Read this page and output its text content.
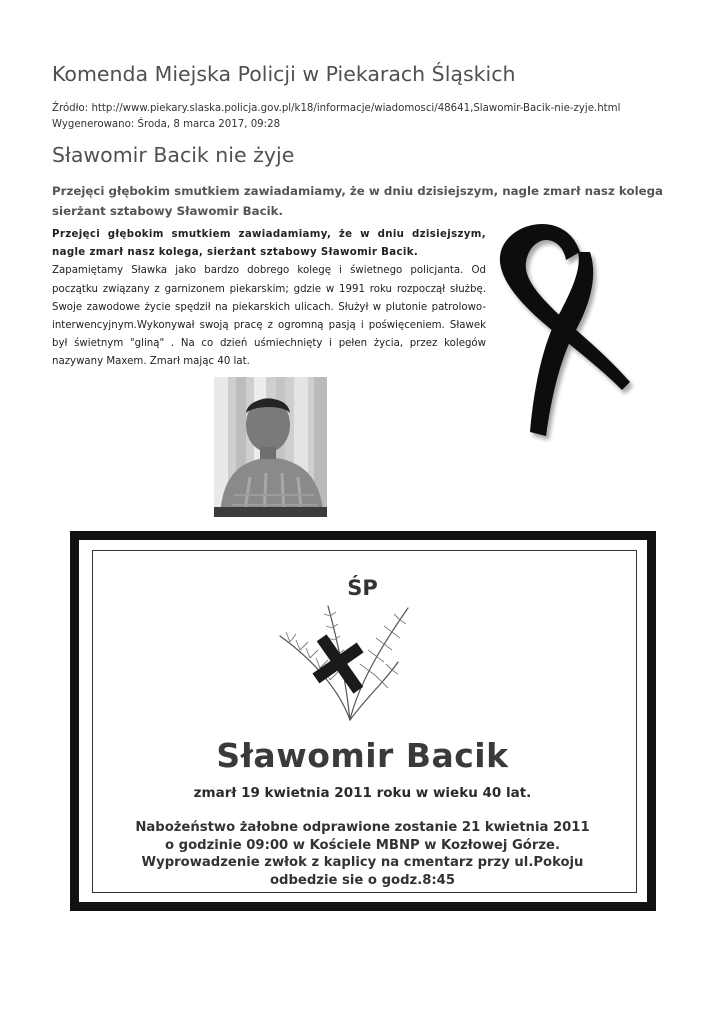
Komenda Miejska Policji w Piekarach Śląskich
Źródło: http://www.piekary.slaska.policja.gov.pl/k18/informacje/wiadomosci/48641,Slawomir-Bacik-nie-zyje.html
Wygenerowano: Środa, 8 marca 2017, 09:28
Sławomir Bacik nie żyje
Przejęci głębokim smutkiem zawiadamiamy, że w dniu dzisiejszym, nagle zmarł nasz kolega sierżant sztabowy Sławomir Bacik.

Przejęci głębokim smutkiem zawiadamiamy, że w dniu dzisiejszym, nagle zmarł nasz kolega, sierżant sztabowy Sławomir Bacik.

Zapamiętamy Sławka jako bardzo dobrego kolegę i świetnego policjanta. Od początku związany z garnizonem piekarskim; gdzie w 1991 roku rozpoczął służbę. Swoje zawodowe życie spędził na piekarskich ulicach. Służył w plutonie patrolowo-interwencyjnym.Wykonywał swoją pracę z ogromną pasją i poświęceniem. Sławek był świetnym "gliną" . Na co dzień uśmiechnięty i pełen życia, przez kolegów nazywany Maxem. Zmarł mając 40 lat.

ŚP
Sławomir Bacik
zmarł 19 kwietnia 2011 roku w wieku 40 lat.
Nabożeństwo żałobne odprawione zostanie 21 kwietnia 2011
o godzinie 09:00 w Kościele MBNP w Kozłowej Górze.
Wyprowadzenie zwłok z kaplicy na cmentarz przy ul.Pokoju
odbedzie sie o godz.8:45
